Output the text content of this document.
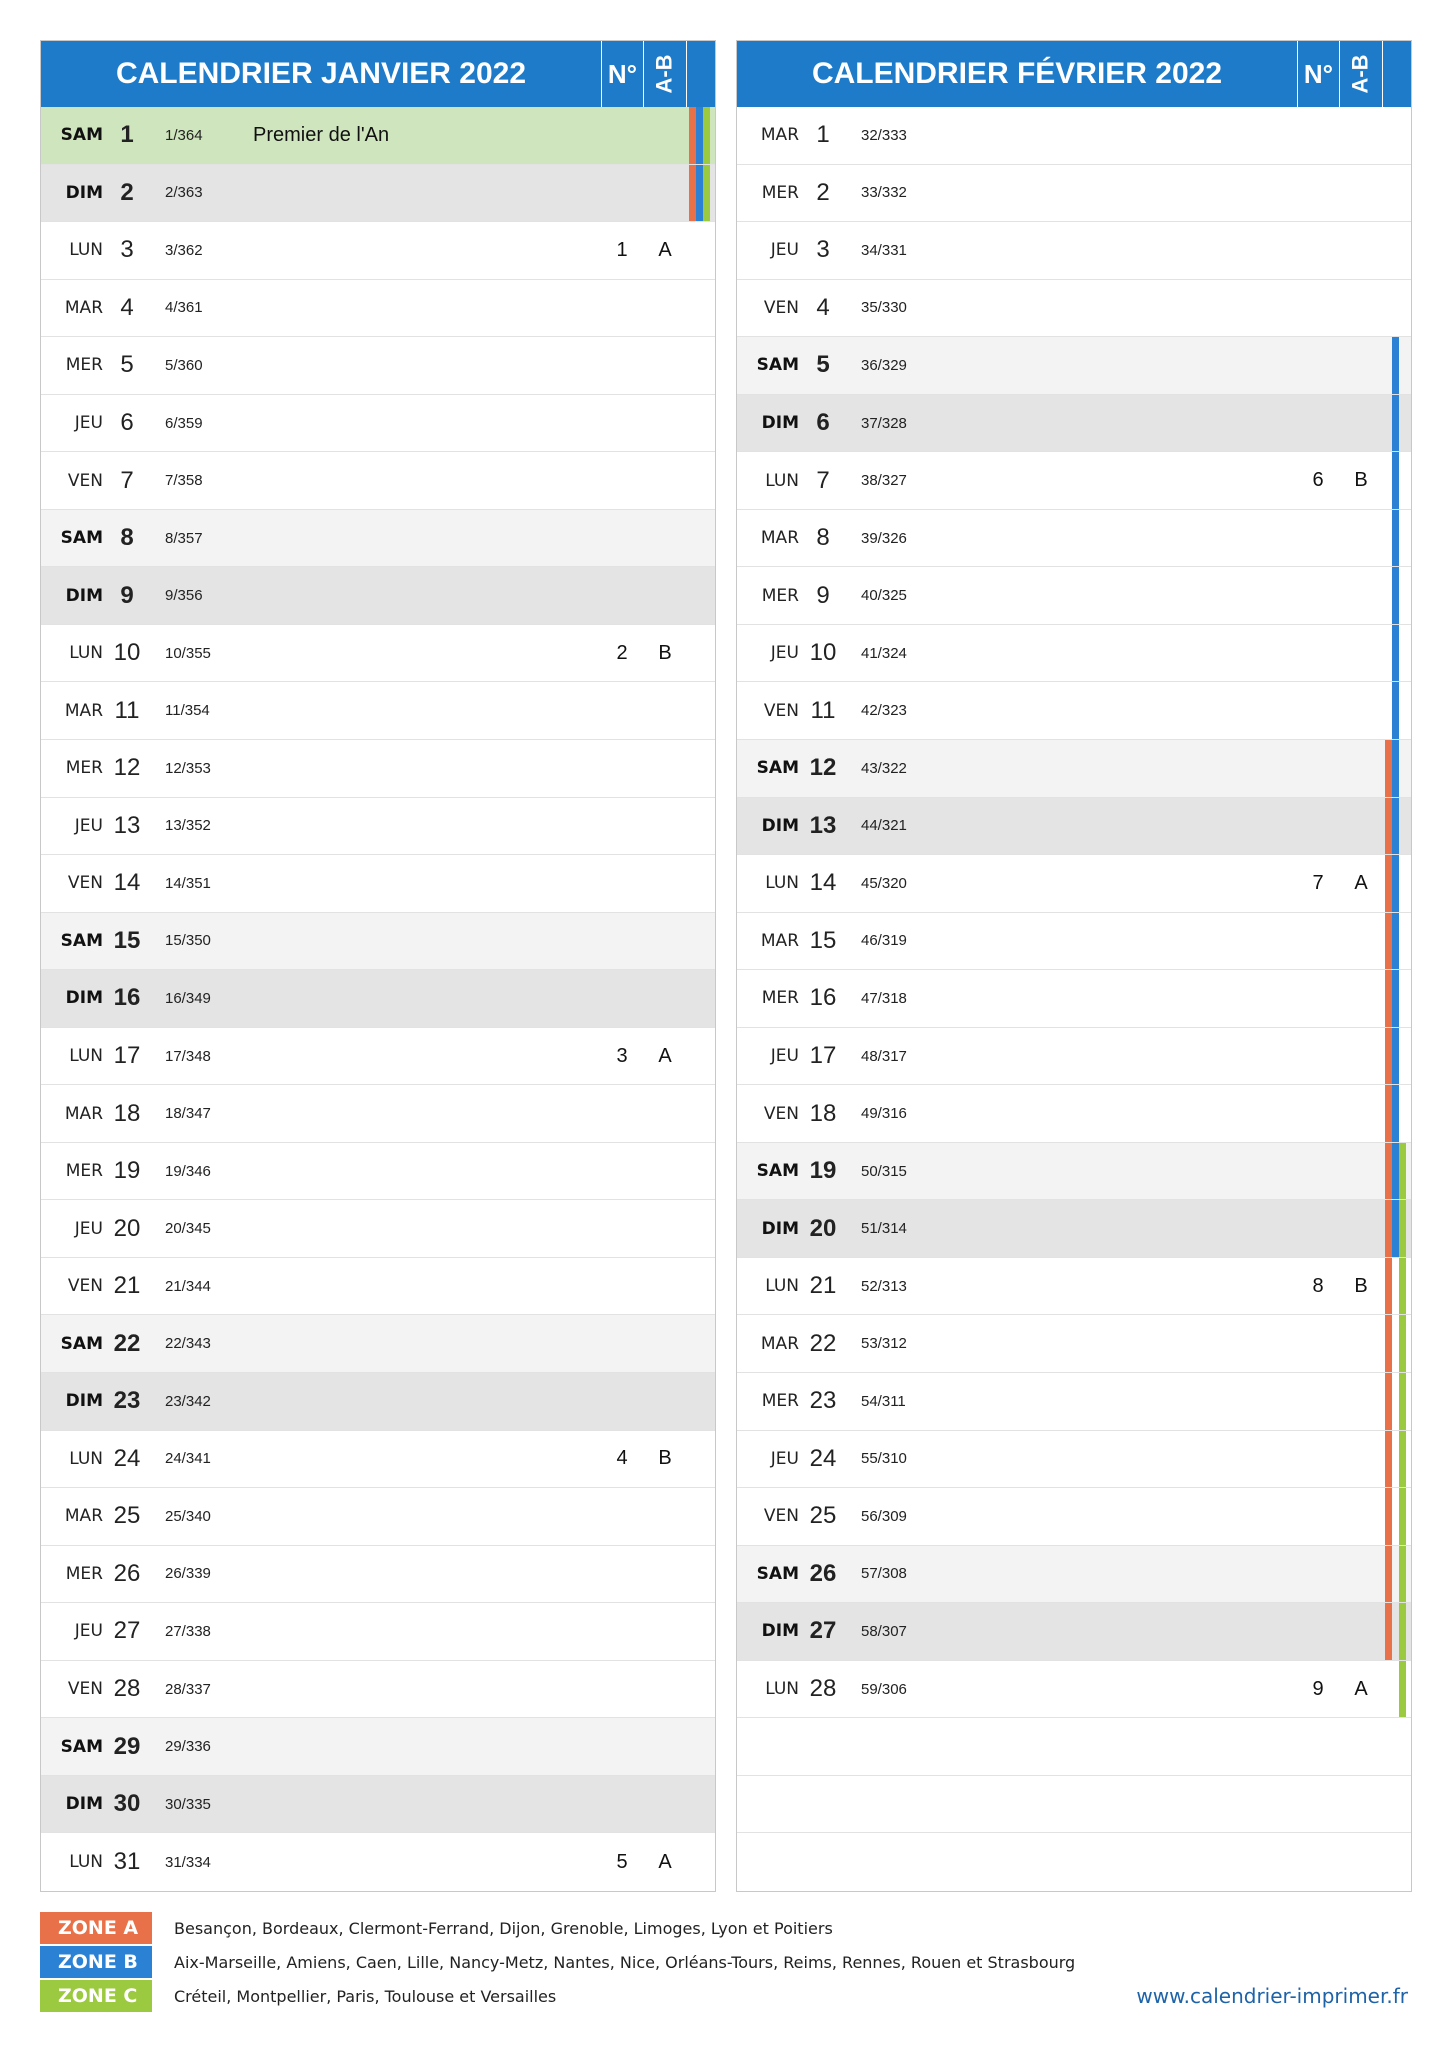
CALENDRIER JANVIER 2022	N° A-B
SAM 1	1/364	Premier de l'An
DIM 2	2/363
LUN 3	3/362	1	A
MAR 4	4/361
MER 5	5/360
JEU 6	6/359
VEN 7	7/358
SAM 8	8/357
DIM 9	9/356
LUN 10	10/355	2	B
MAR 11	11/354
MER 12	12/353
JEU 13	13/352
VEN 14	14/351
SAM 15	15/350
DIM 16	16/349
LUN 17	17/348	3	A
MAR 18	18/347
MER 19	19/346
JEU 20	20/345
VEN 21	21/344
SAM 22	22/343
DIM 23	23/342
LUN 24	24/341	4	B
MAR 25	25/340
MER 26	26/339
JEU 27	27/338
VEN 28	28/337
SAM 29	29/336
DIM 30	30/335
LUN 31	31/334	5	A
CALENDRIER FÉVRIER 2022	N° A-B
MAR 1	32/333
MER 2	33/332
JEU 3	34/331
VEN 4	35/330
SAM 5	36/329
DIM 6	37/328
LUN 7	38/327	6	B
MAR 8	39/326
MER 9	40/325
JEU 10	41/324
VEN 11	42/323
SAM 12	43/322
DIM 13	44/321
LUN 14	45/320	7	A
MAR 15	46/319
MER 16	47/318
JEU 17	48/317
VEN 18	49/316
SAM 19	50/315
DIM 20	51/314
LUN 21	52/313	8	B
MAR 22	53/312
MER 23	54/311
JEU 24	55/310
VEN 25	56/309
SAM 26	57/308
DIM 27	58/307
LUN 28	59/306	9	A
ZONE A	Besançon, Bordeaux, Clermont-Ferrand, Dijon, Grenoble, Limoges, Lyon et Poitiers
ZONE B	Aix-Marseille, Amiens, Caen, Lille, Nancy-Metz, Nantes, Nice, Orléans-Tours, Reims, Rennes, Rouen et Strasbourg
ZONE C	Créteil, Montpellier, Paris, Toulouse et Versailles	www.calendrier-imprimer.fr
